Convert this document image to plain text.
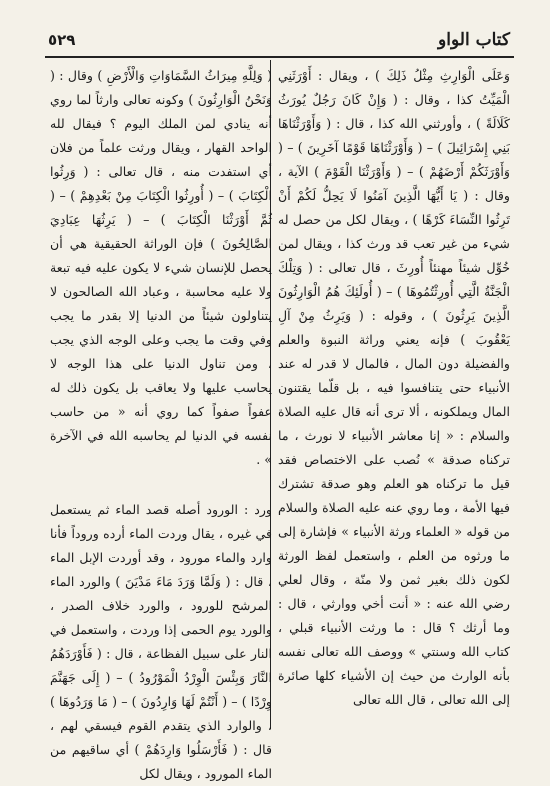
٥٢٩	كتاب الواو

وَعَلَى الْوَارِثِ مِثْلُ ذَلِكَ ) ، ويقال : أَوْرَثَنِي الْمَيِّتُ كذا ، وقال : ( وَإِنْ كَانَ رَجُلٌ يُورَثُ كَلَالَةً ) ، وأورثني الله كذا ، قال : ( وَأَوْرَثْنَاهَا بَنِي إِسْرَائِيلَ ) – ( وَأَوْرَثْنَاهَا قَوْمًا آخَرِينَ ) – ( وَأَوْرَثَكُمْ أَرْضَهُمْ ) – ( وَأَوْرَثْنَا الْقَوْمَ ) الآية ، وقال : ( يَا أَيُّهَا الَّذِينَ آمَنُوا لَا يَحِلُّ لَكُمْ أَنْ تَرِثُوا النِّسَاءَ كَرْهًا ) ، ويقال لكل من حصل له شيء من غير تعب قد ورث كذا ، ويقال لمن خُوِّل شيئاً مهنئاً أُورِثَ ، قال تعالى : ( وَتِلْكَ الْجَنَّةُ الَّتِي أُورِثْتُمُوهَا ) – ( أُولَئِكَ هُمُ الْوَارِثُونَ الَّذِينَ يَرِثُونَ ) ، وقوله : ( وَيَرِثُ مِنْ آلِ يَعْقُوبَ ) فإنه يعني وراثة النبوة والعلم والفضيلة دون المال ، فالمال لا قدر له عند الأنبياء حتى يتنافسوا فيه ، بل قلّما يقتنون المال ويملكونه ، ألا ترى أنه قال عليه الصلاة والسلام : « إنا معاشر الأنبياء لا نورث ، ما تركناه صدقة » نُصب على الاختصاص فقد قيل ما تركناه هو العلم وهو صدقة تشترك فيها الأمة ، وما روي عنه عليه الصلاة والسلام من قوله « العلماء ورثة الأنبياء » فإشارة إلى ما ورثوه من العلم ، واستعمل لفظ الورثة لكون ذلك بغير ثمن ولا منّة ، وقال لعلي رضي الله عنه : « أنت أخي ووارثي ، قال : وما أرثك ؟ قال : ما ورثت الأنبياء قبلي ، كتاب الله وسنتي » ووصف الله تعالى نفسه بأنه الوارث من حيث إن الأشياء كلها صائرة إلى الله تعالى ، قال الله تعالى

( وَلِلَّهِ مِيرَاثُ السَّمَاوَاتِ وَالْأَرْضِ ) وقال : ( وَنَحْنُ الْوَارِثُونَ ) وكونه تعالى وارثاً لما روي أنه ينادي لمن الملك اليوم ؟ فيقال لله الواحد القهار ، ويقال ورثت علماً من فلان أي استفدت منه ، قال تعالى : ( وَرِثُوا الْكِتَابَ ) – ( أُورِثُوا الْكِتَابَ مِنْ بَعْدِهِمْ ) – ( ثُمَّ أَوْرَثْنَا الْكِتَابَ ) – ( يَرِثُهَا عِبَادِيَ الصَّالِحُونَ ) فإن الوراثة الحقيقية هي أن يحصل للإنسان شيء لا يكون عليه فيه تبعة ولا عليه محاسبة ، وعباد الله الصالحون لا يتناولون شيئاً من الدنيا إلا بقدر ما يجب وفي وقت ما يجب وعلى الوجه الذي يجب ، ومن تناول الدنيا على هذا الوجه لا يحاسب عليها ولا يعاقب بل يكون ذلك له عفواً صفواً كما روي أنه « من حاسب نفسه في الدنيا لم يحاسبه الله في الآخرة » .

ورد : الورود أصله قصد الماء ثم يستعمل في غيره ، يقال وردت الماء أرده وروداً فأنا وارد والماء مورود ، وقد أوردت الإبل الماء ، قال : ( وَلَمَّا وَرَدَ مَاءَ مَدْيَنَ ) والورد الماء المرشح للورود ، والورد خلاف الصدر ، والورد يوم الحمى إذا وردت ، واستعمل في النار على سبيل الفظاعة ، قال : ( فَأَوْرَدَهُمُ النَّارَ وَبِئْسَ الْوِرْدُ الْمَوْرُودُ ) – ( إِلَى جَهَنَّمَ وِرْدًا ) – ( أَنْتُمْ لَهَا وَارِدُونَ ) – ( مَا وَرَدُوهَا ) ، والوارد الذي يتقدم القوم فيسقي لهم ، قال : ( فَأَرْسَلُوا وَارِدَهُمْ ) أي ساقيهم من الماء المورود ، ويقال لكل
